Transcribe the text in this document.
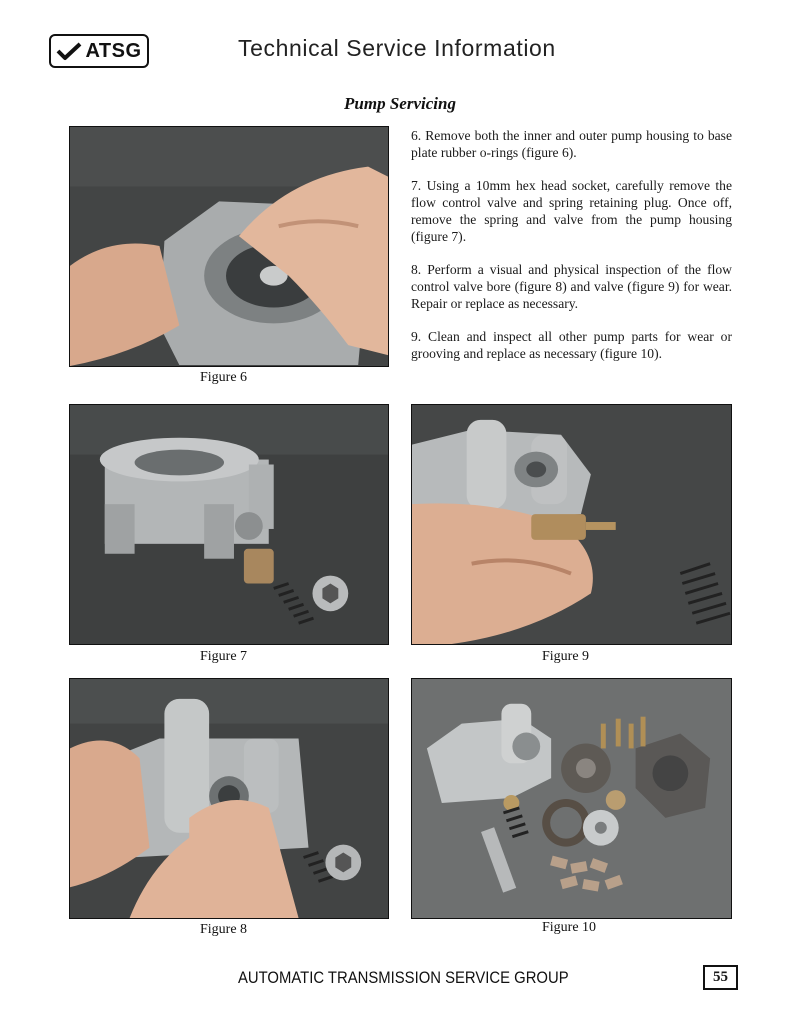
ATSG	Technical Service Information
Pump Servicing
Figure 6

6. Remove both the inner and outer pump housing to base plate rubber o-rings (figure 6).

7. Using a 10mm hex head socket, carefully remove the flow control valve and spring retaining plug. Once off, remove the spring and valve from the pump housing (figure 7).

8. Perform a visual and physical inspection of the flow control valve bore (figure 8) and valve (figure 9) for wear. Repair or replace as necessary.

9. Clean and inspect all other pump parts for wear or grooving and replace as necessary (figure 10).

Figure 7	Figure 9
Figure 8	Figure 10
AUTOMATIC TRANSMISSION SERVICE GROUP	55
